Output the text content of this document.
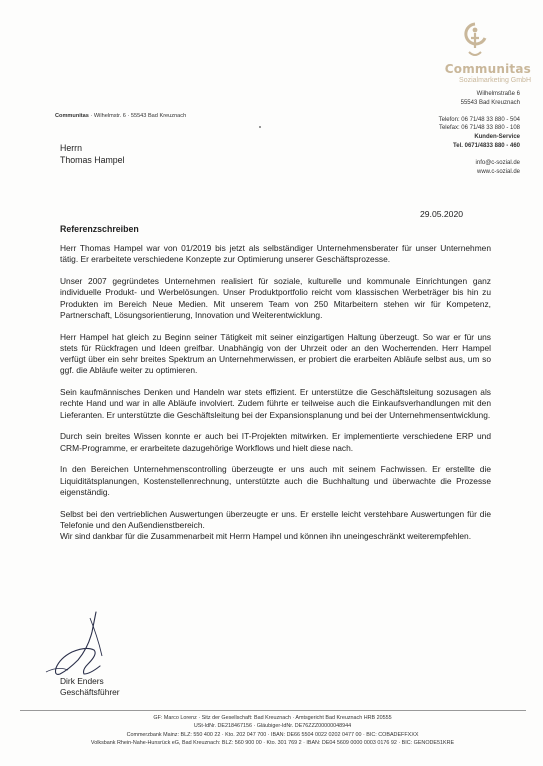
Communitas
Sozialmarketing GmbH
Communitas · Wilhelmstr. 6 · 55543 Bad Kreuznach
Wilhelmstraße 6
55543 Bad Kreuznach
Telefon: 06 71/48 33 880 - 504
Telefax: 06 71/48 33 880 - 108
Kunden-Service
Tel. 0671/4833 880 - 460
info@c-sozial.de
www.c-sozial.de
Herrn
Thomas Hampel
29.05.2020
Referenzschreiben

Herr Thomas Hampel war von 01/2019 bis jetzt als selbständiger Unternehmensberater für unser Unternehmen tätig. Er erarbeitete verschiedene Konzepte zur Optimierung unserer Geschäftsprozesse.

Unser 2007 gegründetes Unternehmen realisiert für soziale, kulturelle und kommunale Einrichtungen ganz individuelle Produkt- und Werbelösungen. Unser Produktportfolio reicht vom klassischen Werbeträger bis hin zu Produkten im Bereich Neue Medien. Mit unserem Team von 250 Mitarbeitern stehen wir für Kompetenz, Partnerschaft, Lösungsorientierung, Innovation und Weiterentwicklung.

Herr Hampel hat gleich zu Beginn seiner Tätigkeit mit seiner einzigartigen Haltung überzeugt. So war er für uns stets für Rückfragen und Ideen greifbar. Unabhängig von der Uhrzeit oder an den Wochenenden. Herr Hampel verfügt über ein sehr breites Spektrum an Unternehmerwissen, er probiert die erarbeiten Abläufe selbst aus, um so ggf. die Abläufe weiter zu optimieren.

Sein kaufmännisches Denken und Handeln war stets effizient. Er unterstütze die Geschäftsleitung sozusagen als rechte Hand und war in alle Abläufe involviert. Zudem führte er teilweise auch die Einkaufsverhandlungen mit den Lieferanten. Er unterstützte die Geschäftsleitung bei der Expansionsplanung und bei der Unternehmensentwicklung.

Durch sein breites Wissen konnte er auch bei IT-Projekten mitwirken. Er implementierte verschiedene ERP und CRM-Programme, er erarbeitete dazugehörige Workflows und hielt diese nach.

In den Bereichen Unternehmenscontrolling überzeugte er uns auch mit seinem Fachwissen. Er erstellte die Liquiditätsplanungen, Kostenstellenrechnung, unterstützte auch die Buchhaltung und überwachte die Prozesse eigenständig.

Selbst bei den vertrieblichen Auswertungen überzeugte er uns. Er erstelle leicht verstehbare Auswertungen für die Telefonie und den Außendienstbereich.

Wir sind dankbar für die Zusammenarbeit mit Herrn Hampel und können ihn uneingeschränkt weiterempfehlen.

Dirk Enders
Geschäftsführer
GF: Marco Lorenz · Sitz der Gesellschaft: Bad Kreuznach · Amtsgericht Bad Kreuznach HRB 20555
USt-IdNr. DE218467156 · Gläubiger-IdNr. DE76ZZZ00000048944
Commerzbank Mainz: BLZ: 550 400 22 · Kto. 202 047 700 · IBAN: DE66 5504 0022 0202 0477 00 · BIC: COBADEFFXXX
Volksbank Rhein-Nahe-Hunsrück eG, Bad Kreuznach: BLZ: 560 900 00 · Kto. 301 769 2 · IBAN: DE04 5609 0000 0003 0176 92 · BIC: GENODE51KRE
